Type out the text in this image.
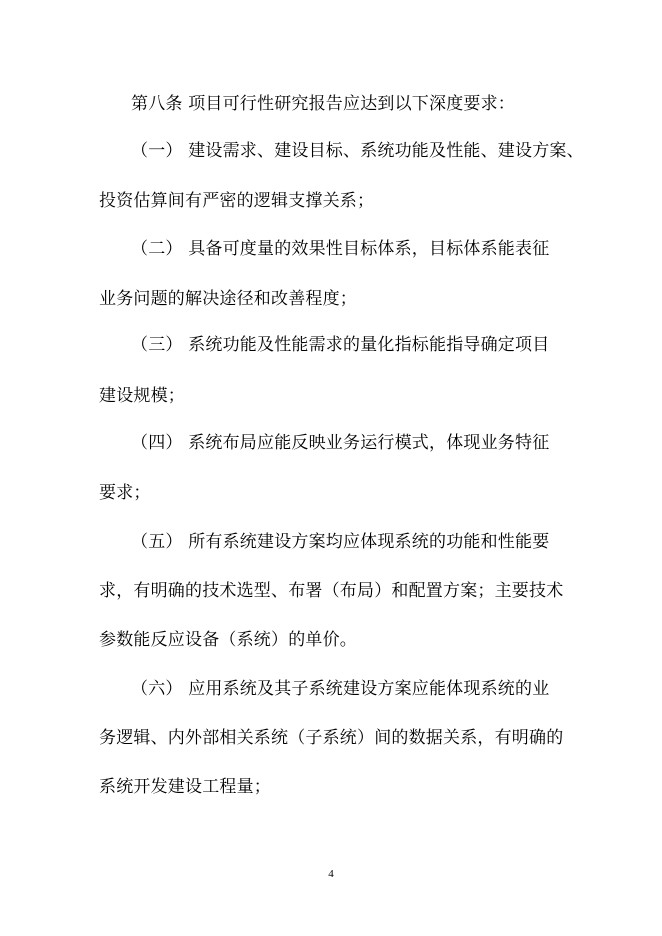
第八条 项目可行性研究报告应达到以下深度要求：
（一） 建设需求、建设目标、系统功能及性能、建设方案、
投资估算间有严密的逻辑支撑关系；
（二） 具备可度量的效果性目标体系，目标体系能表征
业务问题的解决途径和改善程度；
（三） 系统功能及性能需求的量化指标能指导确定项目
建设规模；
（四） 系统布局应能反映业务运行模式，体现业务特征
要求；
（五） 所有系统建设方案均应体现系统的功能和性能要
求，有明确的技术选型、布署（布局）和配置方案；主要技术
参数能反应设备（系统）的单价。
（六） 应用系统及其子系统建设方案应能体现系统的业
务逻辑、内外部相关系统（子系统）间的数据关系，有明确的
系统开发建设工程量；
4
